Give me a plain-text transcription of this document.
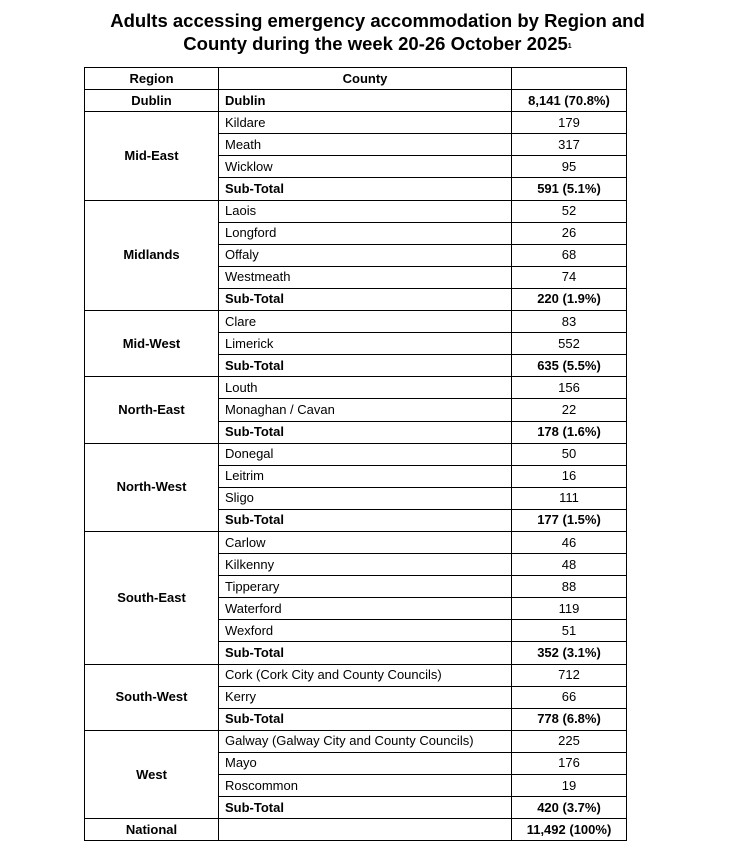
Adults accessing emergency accommodation by Region and
County during the week 20-26 October 2025$^1$
Region	County	
Dublin	Dublin	8,141 (70.8%)
Mid-East	Kildare	179
	Meath	317
	Wicklow	95
	Sub-Total	591 (5.1%)
Midlands	Laois	52
	Longford	26
	Offaly	68
	Westmeath	74
	Sub-Total	220 (1.9%)
Mid-West	Clare	83
	Limerick	552
	Sub-Total	635 (5.5%)
North-East	Louth	156
	Monaghan / Cavan	22
	Sub-Total	178 (1.6%)
North-West	Donegal	50
	Leitrim	16
	Sligo	111
	Sub-Total	177 (1.5%)
South-East	Carlow	46
	Kilkenny	48
	Tipperary	88
	Waterford	119
	Wexford	51
	Sub-Total	352 (3.1%)
South-West	Cork (Cork City and County Councils)	712
	Kerry	66
	Sub-Total	778 (6.8%)
West	Galway (Galway City and County Councils)	225
	Mayo	176
	Roscommon	19
	Sub-Total	420 (3.7%)
National		11,492 (100%)
